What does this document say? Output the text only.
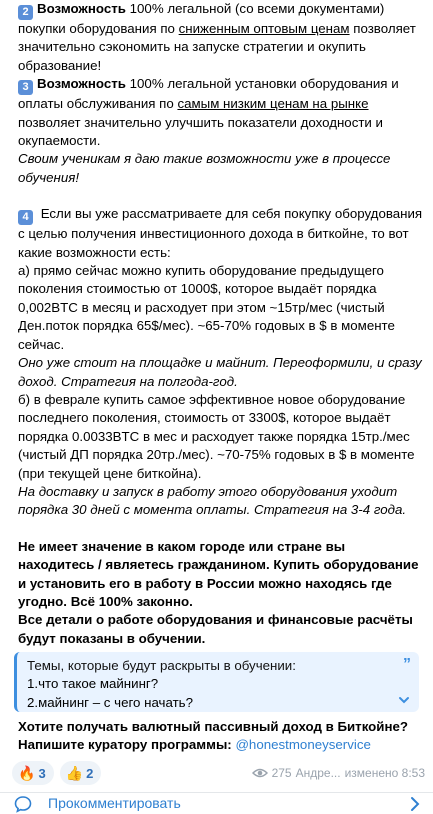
2 Возможность 100% легальной (со всеми документами) покупки оборудования по сниженным оптовым ценам позволяет значительно сэкономить на запуске стратегии и окупить образование!

3 Возможность 100% легальной установки оборудования и оплаты обслуживания по самым низким ценам на рынке позволяет значительно улучшить показатели доходности и окупаемости.

Своим ученикам я даю такие возможности уже в процессе обучения!

4 Если вы уже рассматриваете для себя покупку оборудования с целью получения инвестиционного дохода в биткойне, то вот какие возможности есть:

а) прямо сейчас можно купить оборудование предыдущего поколения стоимостью от 1000$, которое выдаёт порядка 0,002BTC в месяц и расходует при этом ~15тр/мес (чистый Ден.поток порядка 65$/мес). ~65-70% годовых в $ в моменте сейчас.

Оно уже стоит на площадке и майнит. Переоформили, и сразу доход. Стратегия на полгода-год.

б) в феврале купить самое эффективное новое оборудование последнего поколения, стоимость от 3300$, которое выдаёт порядка 0.0033BTC в мес и расходует также порядка 15тр./мес (чистый ДП порядка 20тр./мес). ~70-75% годовых в $ в моменте (при текущей цене биткойна).

На доставку и запуск в работу этого оборудования уходит порядка 30 дней с момента оплаты. Стратегия на 3-4 года.

Не имеет значение в каком городе или стране вы находитесь / являетесь гражданином. Купить оборудование и установить его в работу в России можно находясь где угодно. Всё 100% законно.

Все детали о работе оборудования и финансовые расчёты будут показаны в обучении.

Темы, которые будут раскрыты в обучении:
1.что такое майнинг?
2.майнинг – с чего начать?
”
Хотите получать валютный пассивный доход в Биткойне?
Напишите куратору программы: @honestmoneyservice
🔥 3 👍 2	275 Андре... изменено 8:53
Прокомментировать
